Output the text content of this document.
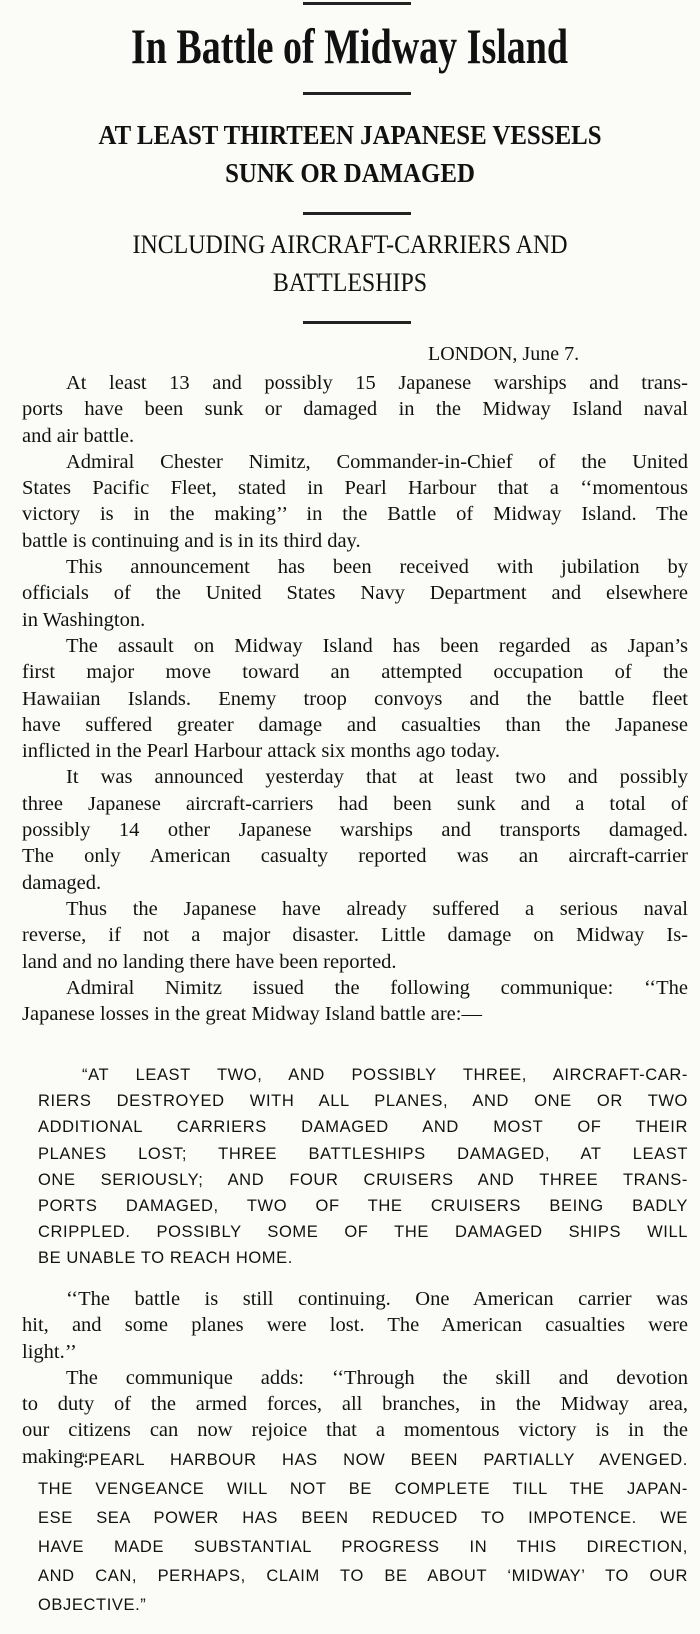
In Battle of Midway Island
AT LEAST THIRTEEN JAPANESE VESSELS
SUNK OR DAMAGED
INCLUDING AIRCRAFT-CARRIERS AND
BATTLESHIPS
LONDON, June 7.
At least 13 and possibly 15 Japanese warships and trans-
ports have been sunk or damaged in the Midway Island naval
and air battle.
Admiral Chester Nimitz, Commander-in-Chief of the United
States Pacific Fleet, stated in Pearl Harbour that a ‘‘momentous
victory is in the making’’ in the Battle of Midway Island. The
battle is continuing and is in its third day.
This announcement has been received with jubilation by
officials of the United States Navy Department and elsewhere
in Washington.
The assault on Midway Island has been regarded as Japan’s
first major move toward an attempted occupation of the
Hawaiian Islands. Enemy troop convoys and the battle fleet
have suffered greater damage and casualties than the Japanese
inflicted in the Pearl Harbour attack six months ago today.
It was announced yesterday that at least two and possibly
three Japanese aircraft-carriers had been sunk and a total of
possibly 14 other Japanese warships and transports damaged.
The only American casualty reported was an aircraft-carrier
damaged.
Thus the Japanese have already suffered a serious naval
reverse, if not a major disaster. Little damage on Midway Is-
land and no landing there have been reported.
Admiral Nimitz issued the following communique: ‘‘The
Japanese losses in the great Midway Island battle are:—
“AT LEAST TWO, AND POSSIBLY THREE, AIRCRAFT-CAR-
RIERS DESTROYED WITH ALL PLANES, AND ONE OR TWO
ADDITIONAL CARRIERS DAMAGED AND MOST OF THEIR
PLANES LOST; THREE BATTLESHIPS DAMAGED, AT LEAST
ONE SERIOUSLY; AND FOUR CRUISERS AND THREE TRANS-
PORTS DAMAGED, TWO OF THE CRUISERS BEING BADLY
CRIPPLED. POSSIBLY SOME OF THE DAMAGED SHIPS WILL
BE UNABLE TO REACH HOME.
‘‘The battle is still continuing. One American carrier was
hit, and some planes were lost. The American casualties were
light.’’
The communique adds: ‘‘Through the skill and devotion
to duty of the armed forces, all branches, in the Midway area,
our citizens can now rejoice that a momentous victory is in the
making.
“PEARL HARBOUR HAS NOW BEEN PARTIALLY AVENGED.
THE VENGEANCE WILL NOT BE COMPLETE TILL THE JAPAN-
ESE SEA POWER HAS BEEN REDUCED TO IMPOTENCE. WE
HAVE MADE SUBSTANTIAL PROGRESS IN THIS DIRECTION,
AND CAN, PERHAPS, CLAIM TO BE ABOUT ‘MIDWAY’ TO OUR
OBJECTIVE.”
